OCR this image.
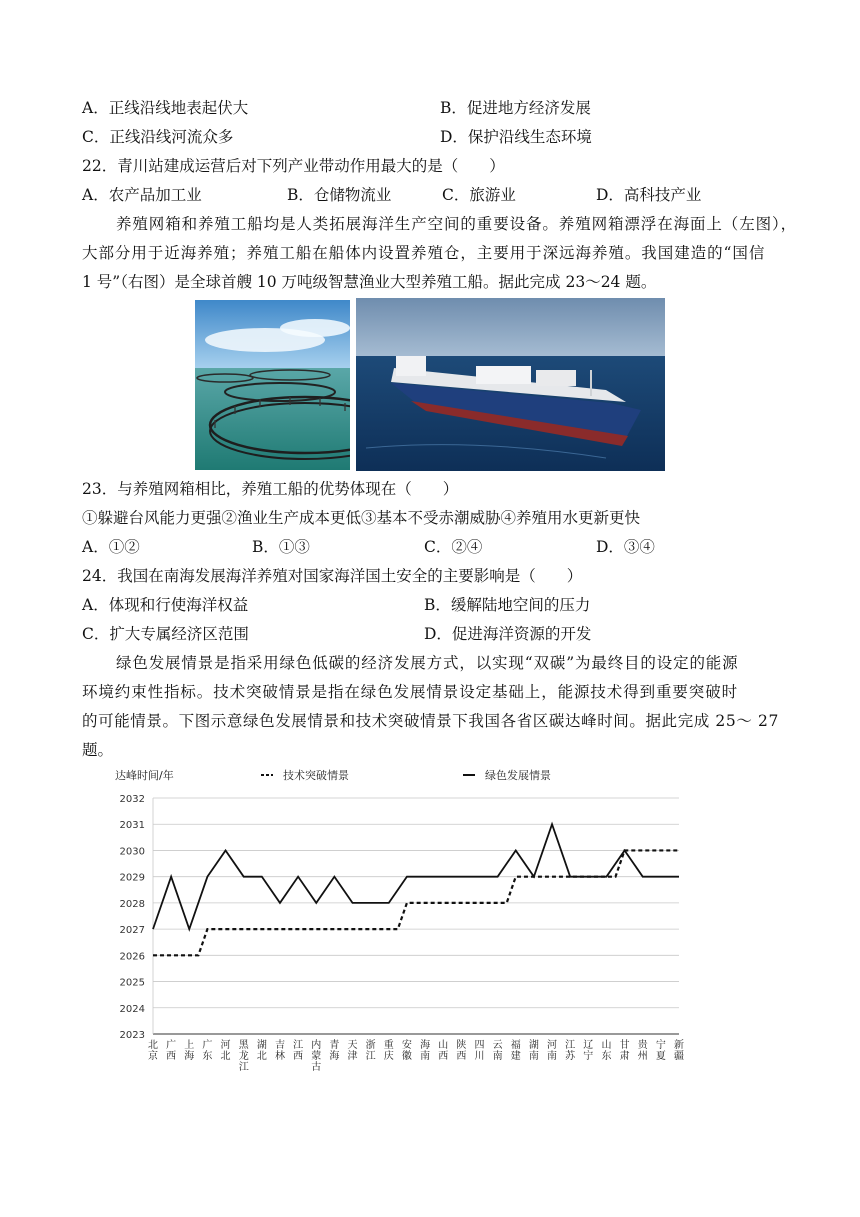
A．正线沿线地表起伏大	B．促进地方经济发展
C．正线沿线河流众多	D．保护沿线生态环境
22．青川站建成运营后对下列产业带动作用最大的是（　　）
A．农产品加工业	B．仓储物流业	C．旅游业	D．高科技产业
养殖网箱和养殖工船均是人类拓展海洋生产空间的重要设备。养殖网箱漂浮在海面上（左图），
大部分用于近海养殖；养殖工船在船体内设置养殖仓，主要用于深远海养殖。我国建造的“国信
1 号”（右图）是全球首艘 10 万吨级智慧渔业大型养殖工船。据此完成 23～24 题。
23．与养殖网箱相比，养殖工船的优势体现在（　　）
①躲避台风能力更强②渔业生产成本更低③基本不受赤潮威胁④养殖用水更新更快
A．①②	B．①③	C．②④	D．③④
24．我国在南海发展海洋养殖对国家海洋国土安全的主要影响是（　　）
A．体现和行使海洋权益	B．缓解陆地空间的压力
C．扩大专属经济区范围	D．促进海洋资源的开发
绿色发展情景是指采用绿色低碳的经济发展方式，以实现“双碳”为最终目的设定的能源
环境约束性指标。技术突破情景是指在绿色发展情景设定基础上，能源技术得到重要突破时
的可能情景。下图示意绿色发展情景和技术突破情景下我国各省区碳达峰时间。据此完成 25～ 27
题。
达峰时间/年
2023
2024
2025
2026
2027
2028
2029
2030
2031
2032
北京
广西
上海
广东
河北
黑龙江
湖北
吉林
江西
内蒙古
青海
天津
浙江
重庆
安徽
海南
山西
陕西
四川
云南
福建
湖南
河南
江苏
辽宁
山东
甘肃
贵州
宁夏
新疆
技术突破情景	绿色发展情景
